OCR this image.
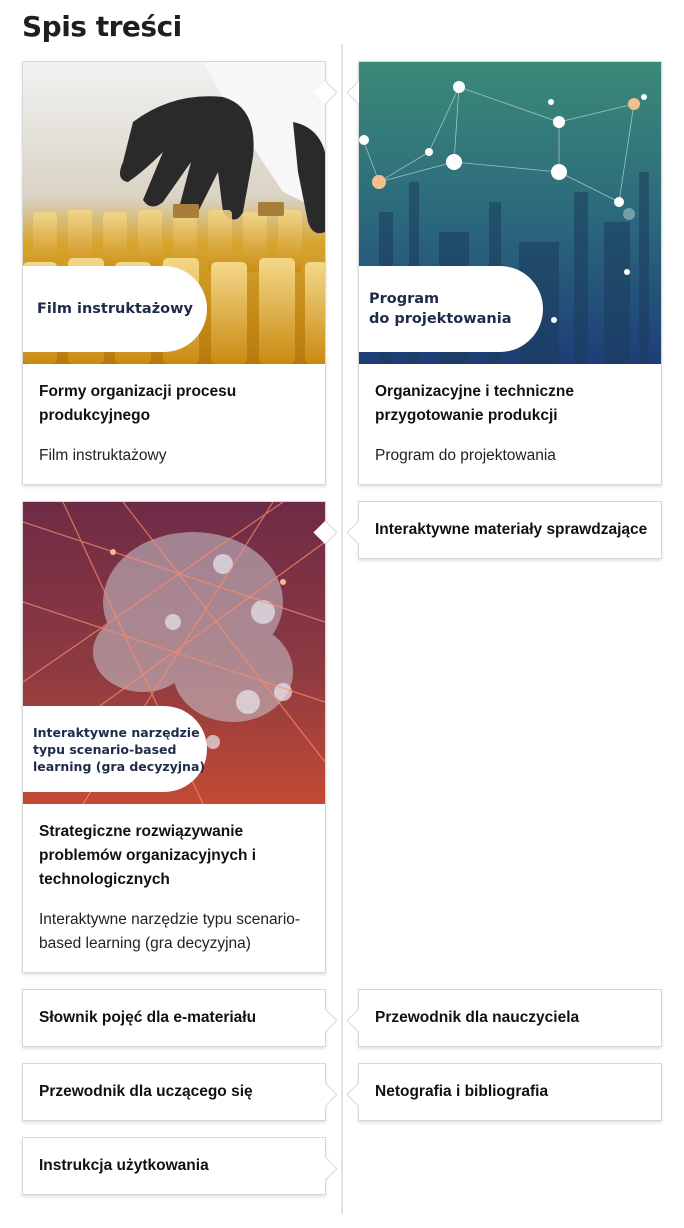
Spis treści
Film instruktażowy
Formy organizacji procesu produkcyjnego
Film instruktażowy
Program
do projektowania
Organizacyjne i techniczne przygotowanie produkcji
Program do projektowania
Interaktywne materiały sprawdzające
Interaktywne narzędzie
typu scenario-based
learning (gra decyzyjna)
Strategiczne rozwiązywanie problemów organizacyjnych i technologicznych
Interaktywne narzędzie typu scenario-based learning (gra decyzyjna)
Słownik pojęć dla e-materiału	Przewodnik dla nauczyciela
Przewodnik dla uczącego się	Netografia i bibliografia
Instrukcja użytkowania
